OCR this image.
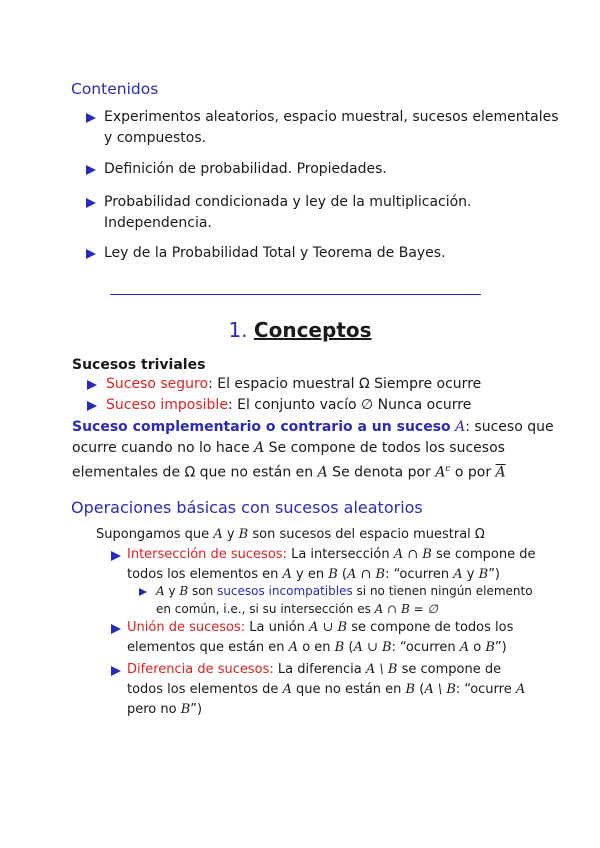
Contenidos
Experimentos aleatorios, espacio muestral, sucesos elementales
y compuestos.
Definición de probabilidad. Propiedades.
Probabilidad condicionada y ley de la multiplicación.
Independencia.
Ley de la Probabilidad Total y Teorema de Bayes.
1. Conceptos
Sucesos triviales
Suceso seguro: El espacio muestral Ω Siempre ocurre
Suceso imposible: El conjunto vacío ∅ Nunca ocurre
Suceso complementario o contrario a un suceso A: suceso que
ocurre cuando no lo hace A Se compone de todos los sucesos
elementales de Ω que no están en A Se denota por $A^c$ o por $\overline{A}$
Operaciones básicas con sucesos aleatorios
Supongamos que A y B son sucesos del espacio muestral Ω
Intersección de sucesos: La intersección A ∩ B se compone de
todos los elementos en A y en B (A ∩ B: “ocurren A y B”)
A y B son sucesos incompatibles si no tienen ningún elemento
en común, i.e., si su intersección es A ∩ B = ∅
Unión de sucesos: La unión A ∪ B se compone de todos los
elementos que están en A o en B (A ∪ B: “ocurren A o B”)
Diferencia de sucesos: La diferencia A \ B se compone de
todos los elementos de A que no están en B (A \ B: “ocurre A
pero no B”)
